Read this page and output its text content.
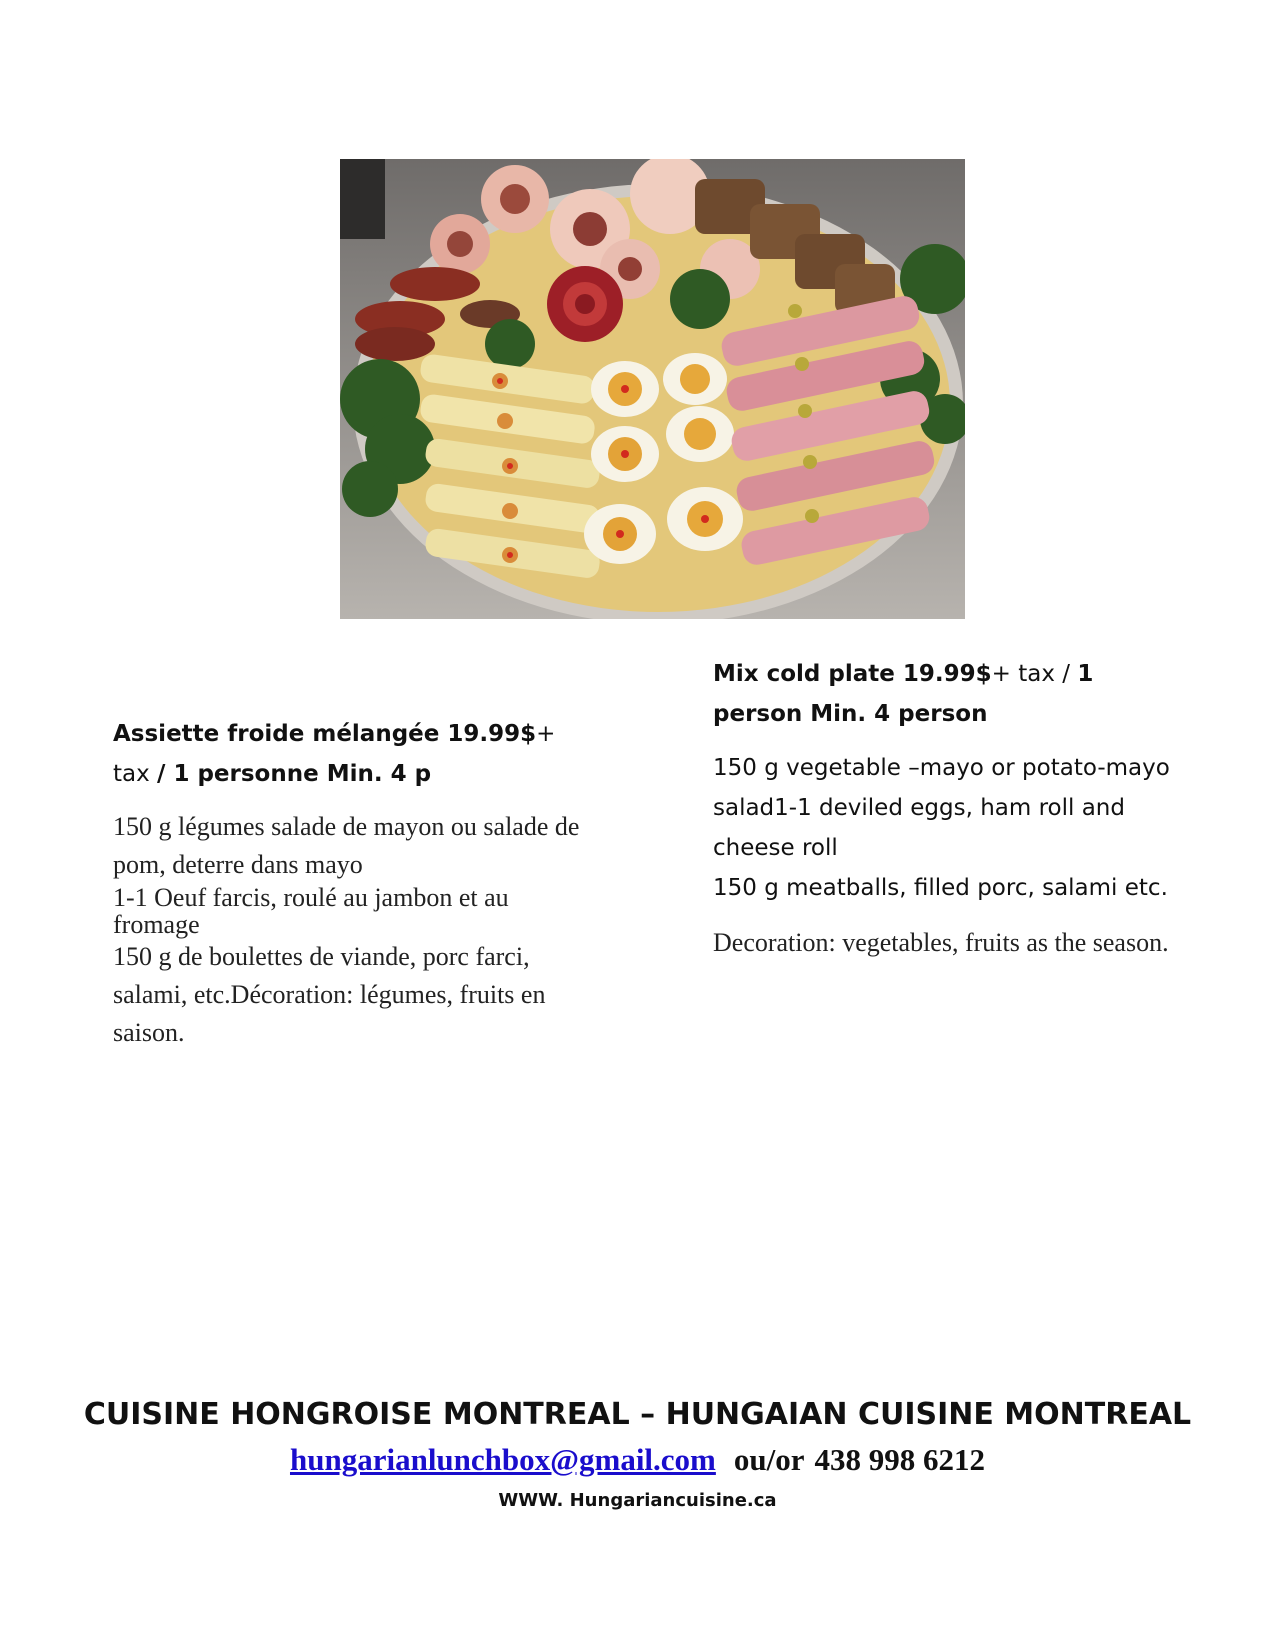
Assiette froide mélangée 19.99$+
tax / 1 personne Min. 4 p

150 g légumes salade de mayon ou salade de pom, deterre dans mayo
1-1 Oeuf farcis, roulé au jambon et au fromage
150 g de boulettes de viande, porc farci, salami, etc.Décoration: légumes, fruits en saison.

Mix cold plate 19.99$+ tax / 1 person Min. 4 person

150 g vegetable –mayo or potato-mayo salad1-1 deviled eggs, ham roll and cheese roll
150 g meatballs, filled porc, salami etc.
Decoration: vegetables, fruits as the season.
CUISINE HONGROISE MONTREAL – HUNGAIAN CUISINE MONTREAL
hungarianlunchbox@gmail.com ou/or 438 998 6212
WWW. Hungariancuisine.ca
